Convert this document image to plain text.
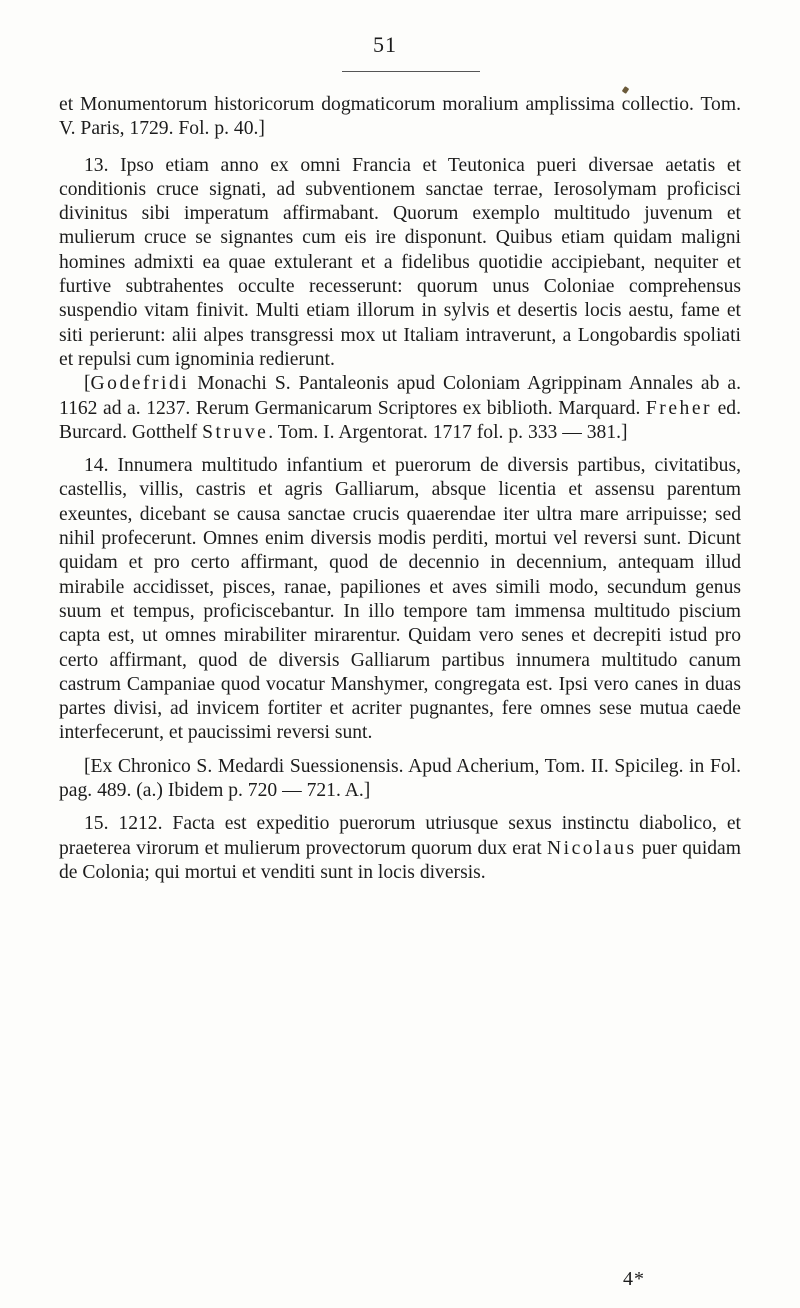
51

et Monumentorum historicorum dogmaticorum moralium amplissima collectio. Tom. V. Paris, 1729. Fol. p. 40.]

13. Ipso etiam anno ex omni Francia et Teutonica pueri diversae aetatis et conditionis cruce signati, ad subventionem sanctae terrae, Ierosolymam proficisci divinitus sibi imperatum affirmabant. Quorum exemplo multitudo juvenum et mulierum cruce se signantes cum eis ire disponunt. Quibus etiam quidam maligni homines admixti ea quae extulerant et a fidelibus quotidie accipiebant, nequiter et furtive subtrahentes occulte recesserunt: quorum unus Coloniae comprehensus suspendio vitam finivit. Multi etiam illorum in sylvis et desertis locis aestu, fame et siti perierunt: alii alpes transgressi mox ut Italiam intraverunt, a Longobardis spoliati et repulsi cum ignominia redierunt.

[Godefridi Monachi S. Pantaleonis apud Coloniam Agrippinam Annales ab a. 1162 ad a. 1237. Rerum Germanicarum Scriptores ex biblioth. Marquard. Freher ed. Burcard. Gotthelf Struve. Tom. I. Argentorat. 1717 fol. p. 333 — 381.]

14. Innumera multitudo infantium et puerorum de diversis partibus, civitatibus, castellis, villis, castris et agris Galliarum, absque licentia et assensu parentum exeuntes, dicebant se causa sanctae crucis quaerendae iter ultra mare arripuisse; sed nihil profecerunt. Omnes enim diversis modis perditi, mortui vel reversi sunt. Dicunt quidam et pro certo affirmant, quod de decennio in decennium, antequam illud mirabile accidisset, pisces, ranae, papiliones et aves simili modo, secundum genus suum et tempus, proficiscebantur. In illo tempore tam immensa multitudo piscium capta est, ut omnes mirabiliter mirarentur. Quidam vero senes et decrepiti istud pro certo affirmant, quod de diversis Galliarum partibus innumera multitudo canum castrum Campaniae quod vocatur Manshymer, congregata est. Ipsi vero canes in duas partes divisi, ad invicem fortiter et acriter pugnantes, fere omnes sese mutua caede interfecerunt, et paucissimi reversi sunt.

[Ex Chronico S. Medardi Suessionensis. Apud Acherium, Tom. II. Spicileg. in Fol. pag. 489. (a.) Ibidem p. 720 — 721. A.]

15. 1212. Facta est expeditio puerorum utriusque sexus instinctu diabolico, et praeterea virorum et mulierum provectorum quorum dux erat Nicolaus puer quidam de Colonia; qui mortui et venditi sunt in locis diversis.

4*
